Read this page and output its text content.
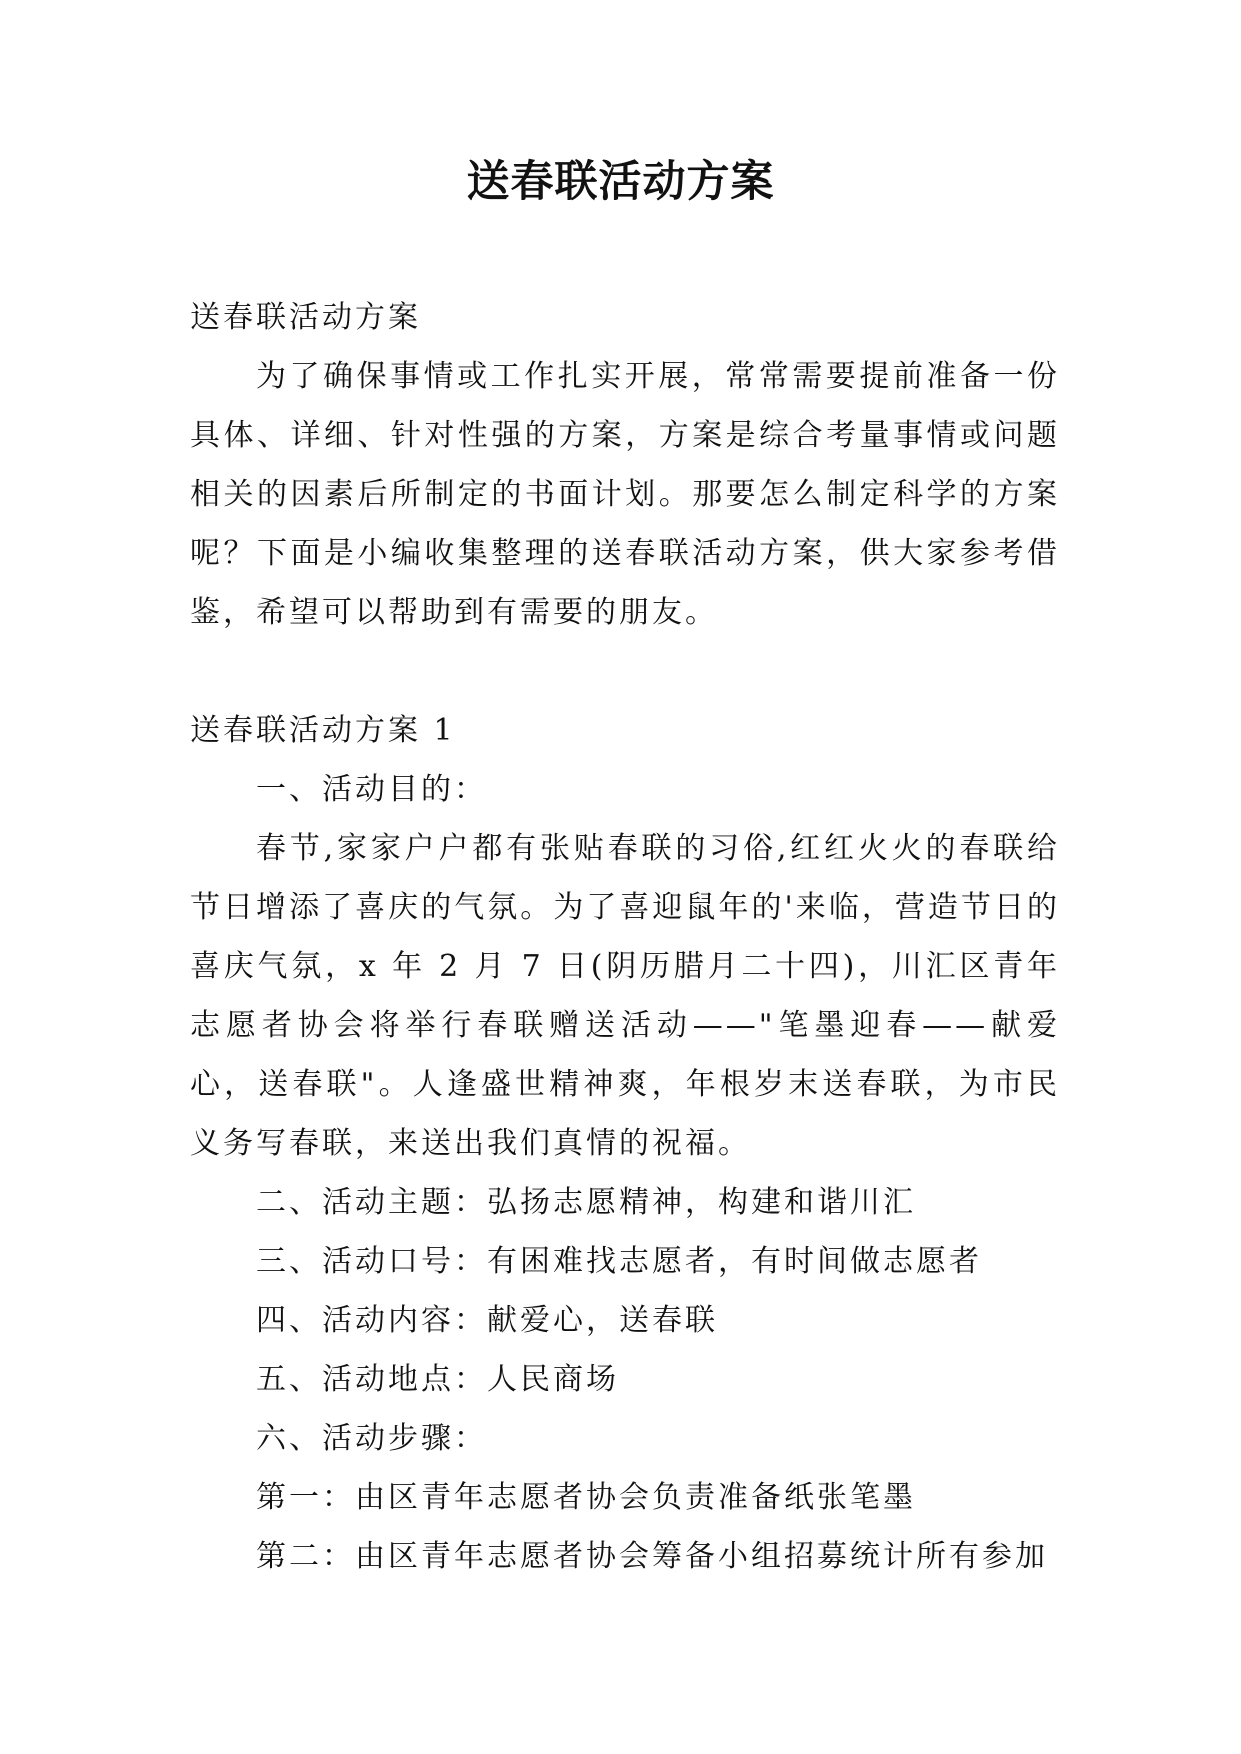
送春联活动方案

送春联活动方案

为了确保事情或工作扎实开展，常常需要提前准备一份具体、详细、针对性强的方案，方案是综合考量事情或问题相关的因素后所制定的书面计划。那要怎么制定科学的方案呢？下面是小编收集整理的送春联活动方案，供大家参考借鉴，希望可以帮助到有需要的朋友。

送春联活动方案 1

一、活动目的：

春节,家家户户都有张贴春联的习俗,红红火火的春联给节日增添了喜庆的气氛。为了喜迎鼠年的'来临，营造节日的喜庆气氛，x 年 2 月 7 日(阴历腊月二十四)，川汇区青年志愿者协会将举行春联赠送活动——"笔墨迎春——献爱心，送春联"。人逢盛世精神爽，年根岁末送春联，为市民义务写春联，来送出我们真情的祝福。

二、活动主题：弘扬志愿精神，构建和谐川汇

三、活动口号：有困难找志愿者，有时间做志愿者

四、活动内容：献爱心，送春联

五、活动地点：人民商场

六、活动步骤：

第一：由区青年志愿者协会负责准备纸张笔墨

第二：由区青年志愿者协会筹备小组招募统计所有参加
